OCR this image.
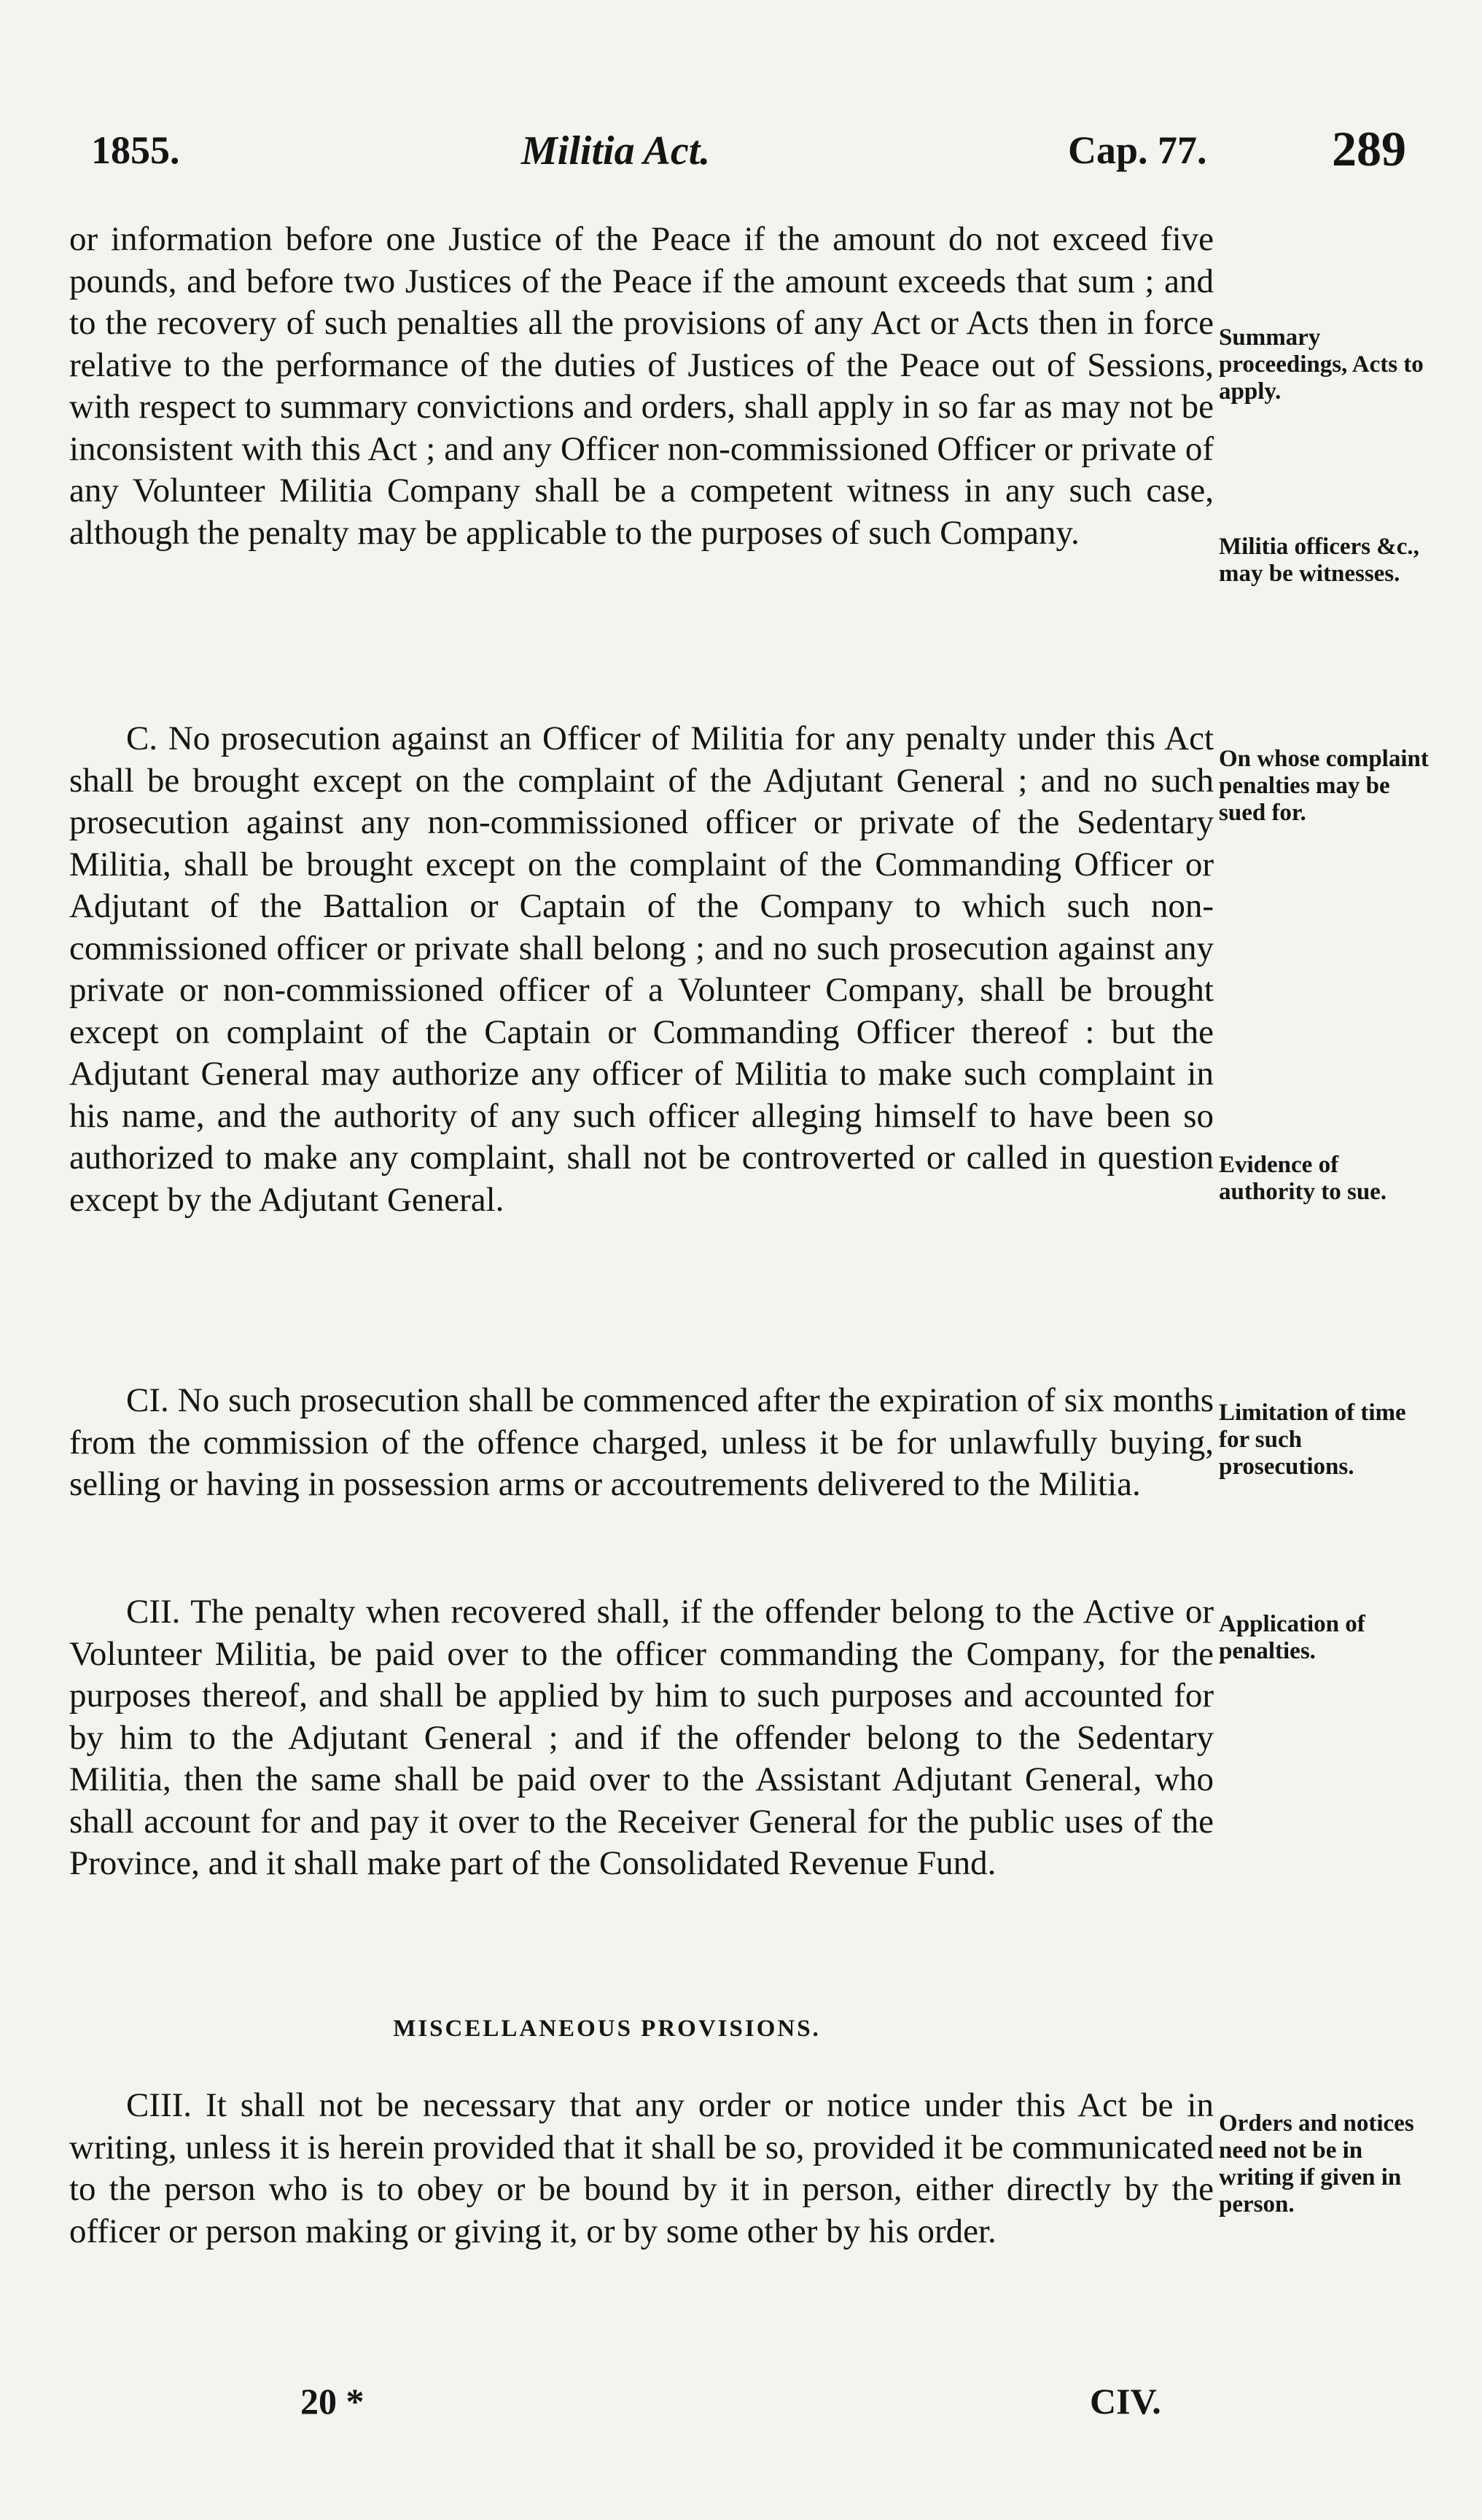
1855.	Militia Act.	Cap. 77.	289

or information before one Justice of the Peace if the amount do not exceed five pounds, and before two Justices of the Peace if the amount exceeds that sum ; and to the recovery of such penalties all the provisions of any Act or Acts then in force relative to the performance of the duties of Justices of the Peace out of Sessions, with respect to summary convictions and orders, shall apply in so far as may not be inconsistent with this Act ; and any Officer non-commissioned Officer or private of any Volunteer Militia Company shall be a competent witness in any such case, although the penalty may be applicable to the purposes of such Company.

C. No prosecution against an Officer of Militia for any penalty under this Act shall be brought except on the complaint of the Adjutant General ; and no such prosecution against any non-commissioned officer or private of the Sedentary Militia, shall be brought except on the complaint of the Commanding Officer or Adjutant of the Battalion or Captain of the Company to which such non-commissioned officer or private shall belong ; and no such prosecution against any private or non-commissioned officer of a Volunteer Company, shall be brought except on complaint of the Captain or Commanding Officer thereof : but the Adjutant General may authorize any officer of Militia to make such complaint in his name, and the authority of any such officer alleging himself to have been so authorized to make any complaint, shall not be controverted or called in question except by the Adjutant General.

CI. No such prosecution shall be commenced after the expiration of six months from the commission of the offence charged, unless it be for unlawfully buying, selling or having in possession arms or accoutrements delivered to the Militia.

CII. The penalty when recovered shall, if the offender belong to the Active or Volunteer Militia, be paid over to the officer commanding the Company, for the purposes thereof, and shall be applied by him to such purposes and accounted for by him to the Adjutant General ; and if the offender belong to the Sedentary Militia, then the same shall be paid over to the Assistant Adjutant General, who shall account for and pay it over to the Receiver General for the public uses of the Province, and it shall make part of the Consolidated Revenue Fund.

MISCELLANEOUS PROVISIONS.

CIII. It shall not be necessary that any order or notice under this Act be in writing, unless it is herein provided that it shall be so, provided it be communicated to the person who is to obey or be bound by it in person, either directly by the officer or person making or giving it, or by some other by his order.

Summary proceedings, Acts to apply.
Militia officers &c., may be witnesses.
On whose complaint penalties may be sued for.
Evidence of authority to sue.
Limitation of time for such prosecutions.
Application of penalties.
Orders and notices need not be in writing if given in person.
20 *	CIV.
